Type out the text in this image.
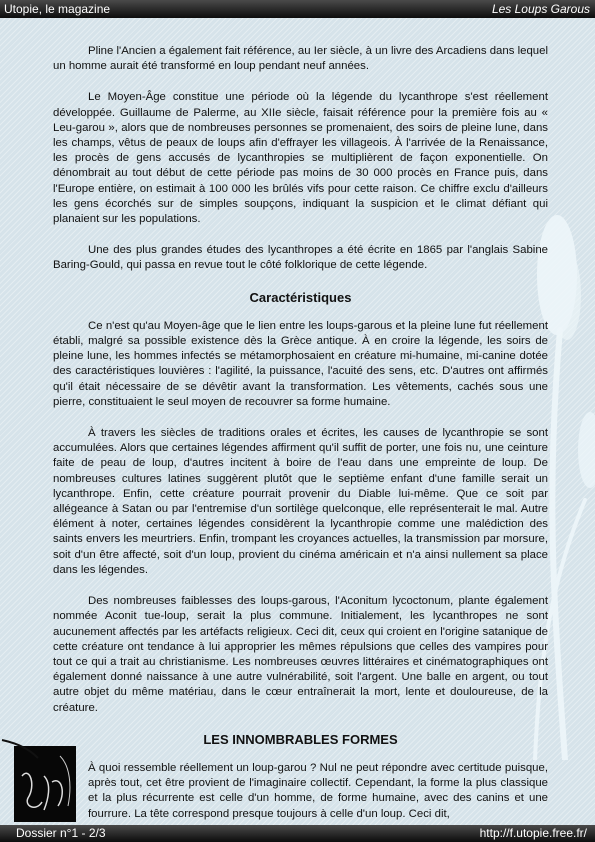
Utopie, le magazine	Les Loups Garous

Pline l'Ancien a également fait référence, au Ier siècle, à un livre des Arcadiens dans lequel un homme aurait été transformé en loup pendant neuf années.

Le Moyen-Âge constitue une période où la légende du lycanthrope s'est réellement développée. Guillaume de Palerme, au XIIe siècle, faisait référence pour la première fois au « Leu-garou », alors que de nombreuses personnes se promenaient, des soirs de pleine lune, dans les champs, vêtus de peaux de loups afin d'effrayer les villageois. À l'arrivée de la Renaissance, les procès de gens accusés de lycanthropies se multiplièrent de façon exponentielle. On dénombrait au tout début de cette période pas moins de 30 000 procès en France puis, dans l'Europe entière, on estimait à 100 000 les brûlés vifs pour cette raison. Ce chiffre exclu d'ailleurs les gens écorchés sur de simples soupçons, indiquant la suspicion et le climat défiant qui planaient sur les populations.

Une des plus grandes études des lycanthropes a été écrite en 1865 par l'anglais Sabine Baring-Gould, qui passa en revue tout le côté folklorique de cette légende.

Caractéristiques

Ce n'est qu'au Moyen-âge que le lien entre les loups-garous et la pleine lune fut réellement établi, malgré sa possible existence dès la Grèce antique. À en croire la légende, les soirs de pleine lune, les hommes infectés se métamorphosaient en créature mi-humaine, mi-canine dotée des caractéristiques louvières : l'agilité, la puissance, l'acuité des sens, etc. D'autres ont affirmés qu'il était nécessaire de se dévêtir avant la transformation. Les vêtements, cachés sous une pierre, constituaient le seul moyen de recouvrer sa forme humaine.

À travers les siècles de traditions orales et écrites, les causes de lycanthropie se sont accumulées. Alors que certaines légendes affirment qu'il suffit de porter, une fois nu, une ceinture faite de peau de loup, d'autres incitent à boire de l'eau dans une empreinte de loup. De nombreuses cultures latines suggèrent plutôt que le septième enfant d'une famille serait un lycanthrope. Enfin, cette créature pourrait provenir du Diable lui-même. Que ce soit par allégeance à Satan ou par l'entremise d'un sortilège quelconque, elle représenterait le mal. Autre élément à noter, certaines légendes considèrent la lycanthropie comme une malédiction des saints envers les meurtriers. Enfin, trompant les croyances actuelles, la transmission par morsure, soit d'un être affecté, soit d'un loup, provient du cinéma américain et n'a ainsi nullement sa place dans les légendes.

Des nombreuses faiblesses des loups-garous, l'Aconitum lycoctonum, plante également nommée Aconit tue-loup, serait la plus commune. Initialement, les lycanthropes ne sont aucunement affectés par les artéfacts religieux. Ceci dit, ceux qui croient en l'origine satanique de cette créature ont tendance à lui approprier les mêmes répulsions que celles des vampires pour tout ce qui a trait au christianisme. Les nombreuses œuvres littéraires et cinématographiques ont également donné naissance à une autre vulnérabilité, soit l'argent. Une balle en argent, ou tout autre objet du même matériau, dans le cœur entraînerait la mort, lente et douloureuse, de la créature.

LES INNOMBRABLES FORMES

À quoi ressemble réellement un loup-garou ? Nul ne peut répondre avec certitude puisque, après tout, cet être provient de l'imaginaire collectif. Cependant, la forme la plus classique et la plus récurrente est celle d'un homme, de forme humaine, avec des canins et une fourrure. La tête correspond presque toujours à celle d'un loup. Ceci dit,

Dossier n°1 - 2/3	http://f.utopie.free.fr/
